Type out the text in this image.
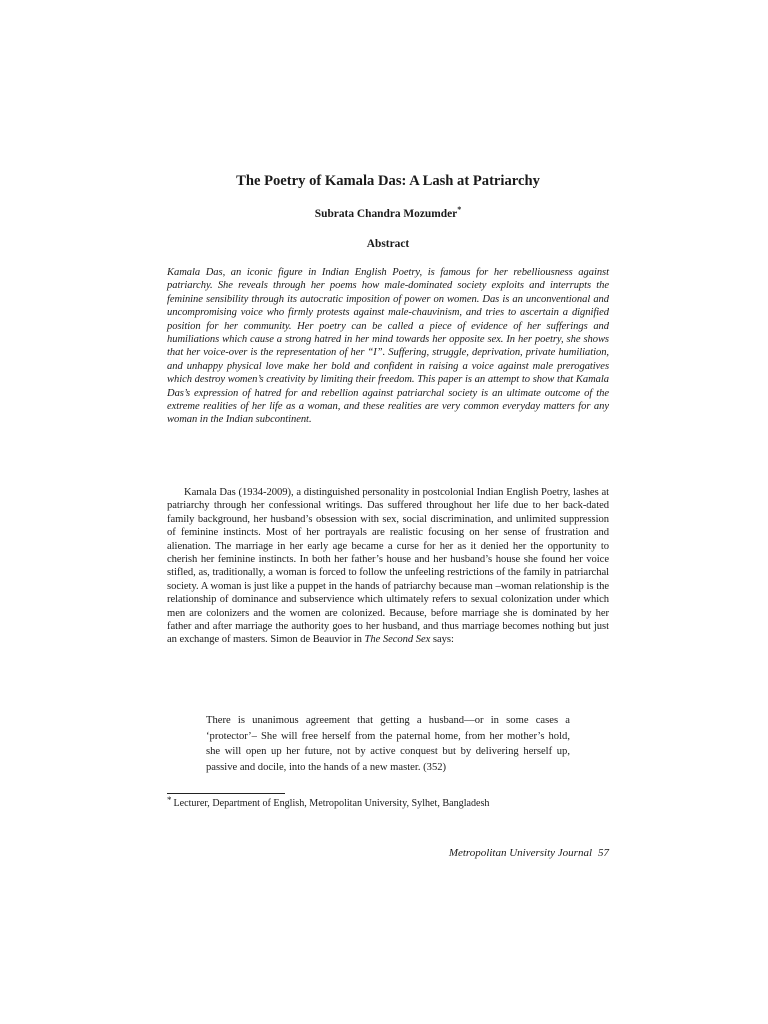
The Poetry of Kamala Das: A Lash at Patriarchy

Subrata Chandra Mozumder*

Abstract

Kamala Das, an iconic figure in Indian English Poetry, is famous for her rebelliousness against patriarchy. She reveals through her poems how male-dominated society exploits and interrupts the feminine sensibility through its autocratic imposition of power on women. Das is an unconventional and uncompromising voice who firmly protests against male-chauvinism, and tries to ascertain a dignified position for her community. Her poetry can be called a piece of evidence of her sufferings and humiliations which cause a strong hatred in her mind towards her opposite sex. In her poetry, she shows that her voice-over is the representation of her “I”. Suffering, struggle, deprivation, private humiliation, and unhappy physical love make her bold and confident in raising a voice against male prerogatives which destroy women’s creativity by limiting their freedom. This paper is an attempt to show that Kamala Das’s expression of hatred for and rebellion against patriarchal society is an ultimate outcome of the extreme realities of her life as a woman, and these realities are very common everyday matters for any woman in the Indian subcontinent.

Kamala Das (1934-2009), a distinguished personality in postcolonial Indian English Poetry, lashes at patriarchy through her confessional writings. Das suffered throughout her life due to her back-dated family background, her husband’s obsession with sex, social discrimination, and unlimited suppression of feminine instincts. Most of her portrayals are realistic focusing on her sense of frustration and alienation. The marriage in her early age became a curse for her as it denied her the opportunity to cherish her feminine instincts. In both her father’s house and her husband’s house she found her voice stifled, as, traditionally, a woman is forced to follow the unfeeling restrictions of the family in patriarchal society. A woman is just like a puppet in the hands of patriarchy because man –woman relationship is the relationship of dominance and subservience which ultimately refers to sexual colonization under which men are colonizers and the women are colonized. Because, before marriage she is dominated by her father and after marriage the authority goes to her husband, and thus marriage becomes nothing but just an exchange of masters. Simon de Beauvior in The Second Sex says:

There is unanimous agreement that getting a husband—or in some cases a ‘protector’– She will free herself from the paternal home, from her mother’s hold, she will open up her future, not by active conquest but by delivering herself up, passive and docile, into the hands of a new master. (352)

* Lecturer, Department of English, Metropolitan University, Sylhet, Bangladesh

Metropolitan University Journal 57
